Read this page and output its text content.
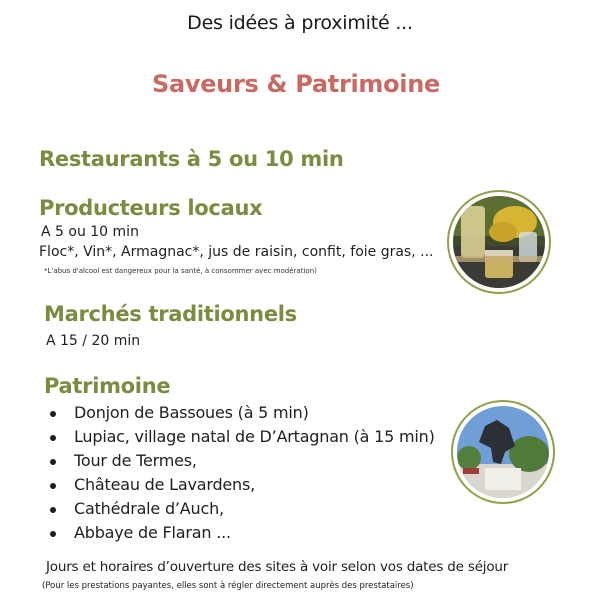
Des idées à proximité ...
Saveurs & Patrimoine
Restaurants à 5 ou 10 min
Producteurs locaux
A 5 ou 10 min
Floc*, Vin*, Armagnac*, jus de raisin, confit, foie gras, ...
*L'abus d'alcool est dangereux pour la santé, à consommer avec modération)
Marchés traditionnels
A 15 / 20 min
Patrimoine
Donjon de Bassoues (à 5 min)
Lupiac, village natal de D’Artagnan (à 15 min)
Tour de Termes,
Château de Lavardens,
Cathédrale d’Auch,
Abbaye de Flaran ...
Jours et horaires d’ouverture des sites à voir selon vos dates de séjour
(Pour les prestations payantes, elles sont à régler directement auprès des prestataires)
